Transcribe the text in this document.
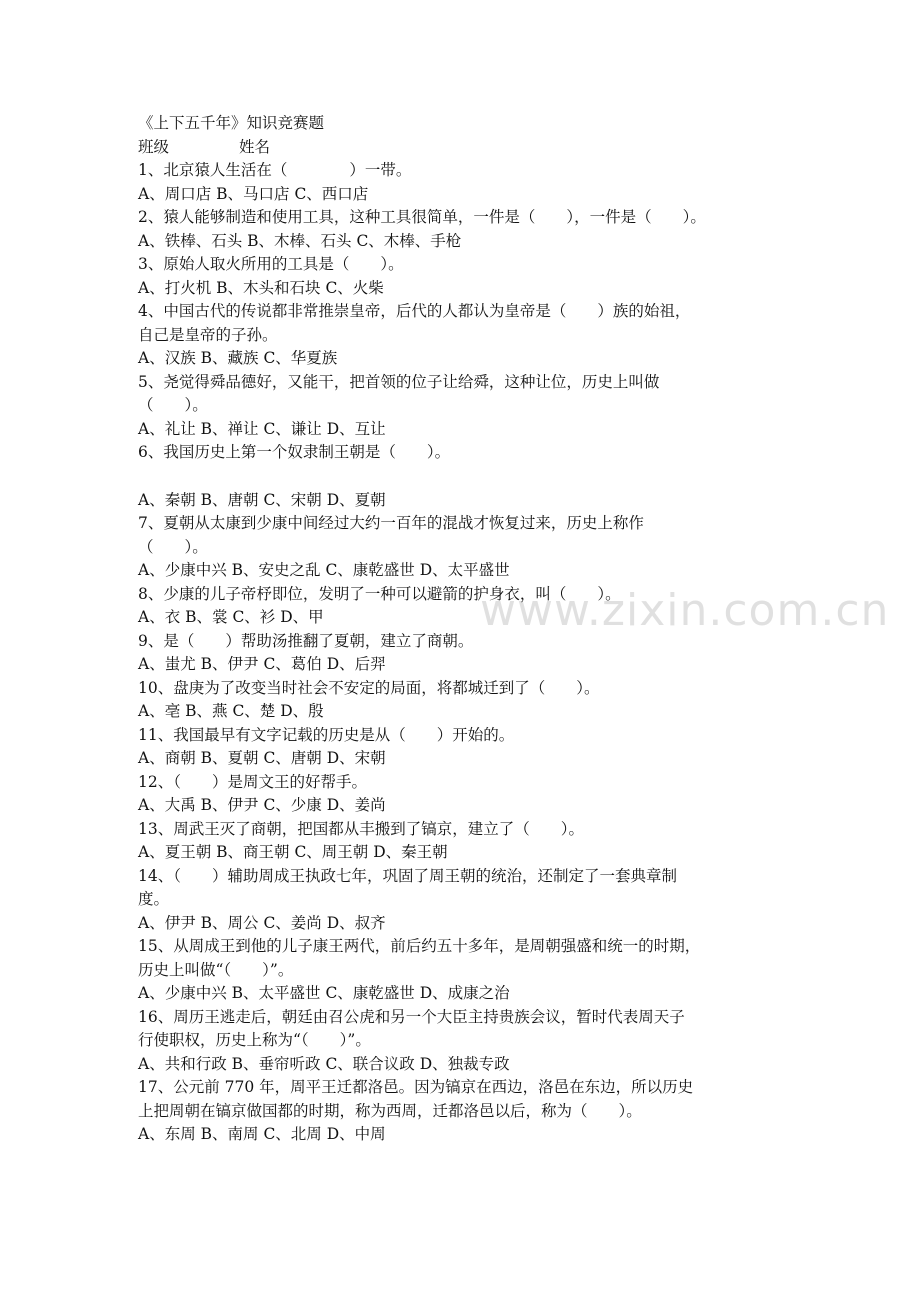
www.zixin.com.cn
《上下五千年》知识竞赛题
班级	姓名
1、北京猿人生活在（　　　　）一带。
A、周口店 B、马口店 C、西口店
2、猿人能够制造和使用工具，这种工具很简单，一件是（　　），一件是（　　）。
A、铁棒、石头 B、木棒、石头 C、木棒、手枪
3、原始人取火所用的工具是（　　）。
A、打火机 B、木头和石块 C、火柴
4、中国古代的传说都非常推崇皇帝，后代的人都认为皇帝是（　　）族的始祖，
自己是皇帝的子孙。
A、汉族 B、藏族 C、华夏族
5、尧觉得舜品德好，又能干，把首领的位子让给舜，这种让位，历史上叫做
（　　）。
A、礼让 B、禅让 C、谦让 D、互让
6、我国历史上第一个奴隶制王朝是（　　）。
A、秦朝 B、唐朝 C、宋朝 D、夏朝
7、夏朝从太康到少康中间经过大约一百年的混战才恢复过来，历史上称作
（　　）。
A、少康中兴 B、安史之乱 C、康乾盛世 D、太平盛世
8、少康的儿子帝杼即位，发明了一种可以避箭的护身衣，叫（　　）。
A、衣 B、裳 C、衫 D、甲
9、是（　　）帮助汤推翻了夏朝，建立了商朝。
A、蚩尤 B、伊尹 C、葛伯 D、后羿
10、盘庚为了改变当时社会不安定的局面，将都城迁到了（　　）。
A、亳 B、燕 C、楚 D、殷
11、我国最早有文字记载的历史是从（　　）开始的。
A、商朝 B、夏朝 C、唐朝 D、宋朝
12、（　　）是周文王的好帮手。
A、大禹 B、伊尹 C、少康 D、姜尚
13、周武王灭了商朝，把国都从丰搬到了镐京，建立了（　　）。
A、夏王朝 B、商王朝 C、周王朝 D、秦王朝
14、（　　）辅助周成王执政七年，巩固了周王朝的统治，还制定了一套典章制
度。
A、伊尹 B、周公 C、姜尚 D、叔齐
15、从周成王到他的儿子康王两代，前后约五十多年，是周朝强盛和统一的时期，
历史上叫做“（　　）”。
A、少康中兴 B、太平盛世 C、康乾盛世 D、成康之治
16、周历王逃走后，朝廷由召公虎和另一个大臣主持贵族会议，暂时代表周天子
行使职权，历史上称为“（　　）”。
A、共和行政 B、垂帘听政 C、联合议政 D、独裁专政
17、公元前 770 年，周平王迁都洛邑。因为镐京在西边，洛邑在东边，所以历史
上把周朝在镐京做国都的时期，称为西周，迁都洛邑以后，称为（　　）。
A、东周 B、南周 C、北周 D、中周
